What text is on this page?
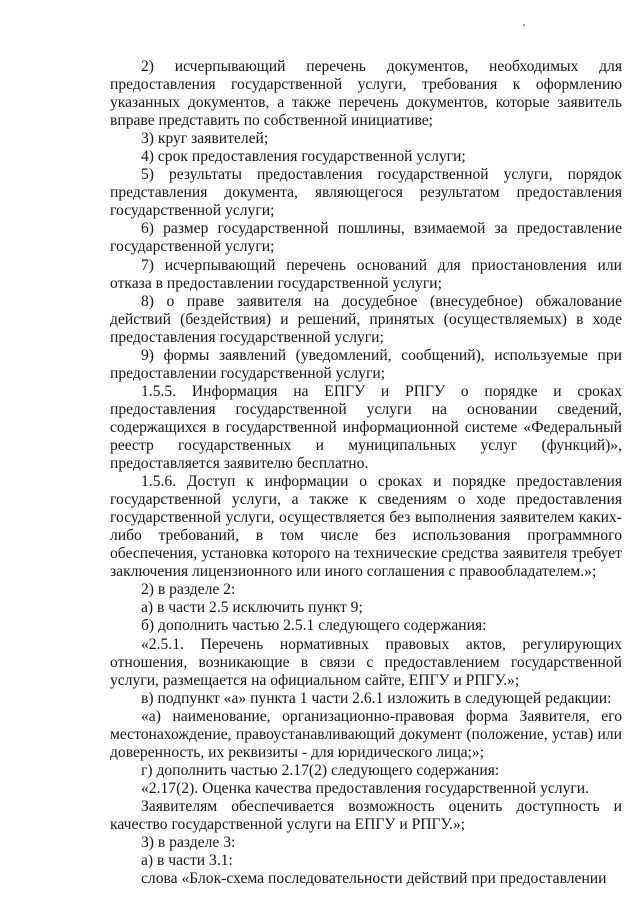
2) исчерпывающий перечень документов, необходимых для предоставления государственной услуги, требования к оформлению указанных документов, а также перечень документов, которые заявитель вправе представить по собственной инициативе;

3) круг заявителей;

4) срок предоставления государственной услуги;

5) результаты предоставления государственной услуги, порядок представления документа, являющегося результатом предоставления государственной услуги;

6) размер государственной пошлины, взимаемой за предоставление государственной услуги;

7) исчерпывающий перечень оснований для приостановления или отказа в предоставлении государственной услуги;

8) о праве заявителя на досудебное (внесудебное) обжалование действий (бездействия) и решений, принятых (осуществляемых) в ходе предоставления государственной услуги;

9) формы заявлений (уведомлений, сообщений), используемые при предоставлении государственной услуги;

1.5.5. Информация на ЕПГУ и РПГУ о порядке и сроках предоставления государственной услуги на основании сведений, содержащихся в государственной информационной системе «Федеральный реестр государственных и муниципальных услуг (функций)», предоставляется заявителю бесплатно.

1.5.6. Доступ к информации о сроках и порядке предоставления государственной услуги, а также к сведениям о ходе предоставления государственной услуги, осуществляется без выполнения заявителем каких-либо требований, в том числе без использования программного обеспечения, установка которого на технические средства заявителя требует заключения лицензионного или иного соглашения с правообладателем.»;

2) в разделе 2:

а) в части 2.5 исключить пункт 9;

б) дополнить частью 2.5.1 следующего содержания:

«2.5.1. Перечень нормативных правовых актов, регулирующих отношения, возникающие в связи с предоставлением государственной услуги, размещается на официальном сайте, ЕПГУ и РПГУ.»;

в) подпункт «а» пункта 1 части 2.6.1 изложить в следующей редакции:

«а) наименование, организационно-правовая форма Заявителя, его местонахождение, правоустанавливающий документ (положение, устав) или доверенность, их реквизиты - для юридического лица;»;

г) дополнить частью 2.17(2) следующего содержания:

«2.17(2). Оценка качества предоставления государственной услуги.

Заявителям обеспечивается возможность оценить доступность и качество государственной услуги на ЕПГУ и РПГУ.»;

3) в разделе 3:

а) в части 3.1:

слова «Блок-схема последовательности действий при предоставлении
